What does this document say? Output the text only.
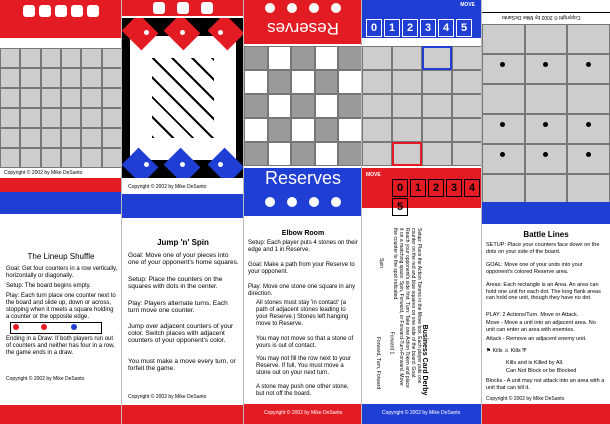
Copyright © 2002 by Mike DeSanto
The Lineup Shuffle
Goal: Get four counters in a row vertically, horizontally or diagonally.
Setup: The board begins empty.
Play: Each turn place one counter next to the board and slide up, down or across, stopping when it meets a square holding a counter or the opposite edge.
Ending in a Draw: If both players run out of counters and neither has four in a row, the game ends in a draw.
Copyright © 2002 by Mike DeSanto
Copyright © 2002 by Mike DeSanto
Jump 'n' Spin
Goal: Move one of your pieces into one of your opponent's home squares.
Setup: Place the counters on the squares with dots in the center.
Play: Players alternate turns. Each turn move one counter.
Jump over adjacent counters of your color. Switch places with adjacent counters of your opponent's color.
You must make a move every turn, or forfeit the game.
Copyright © 2002 by Mike DeSanto
Reserves
Reserves
Elbow Room
Setup: Each player puts 4 stones on their edge and 1 in Reserve.
Goal: Make a path from your Reserve to your opponent.
Play: Move one stone one square in any direction.
All stones must stay 'in contact' (a path of adjacent stones leading to your Reserve.) Stones left hanging move to Reserve.
You may not move so that a stone of yours is out of contact.
You may not fill the row next to your Reserve. If full, You must move a stone out on your next turn.
A stone may push one other stone, but not off the board.
Copyright © 2002 by Mike DeSanto
0 1 2 3 4 5
MOVE
MOVE
0 1 2 3 45
Business Card Derby
Setup: Place the Action Tokens in the Move box. Each player puts one counter on the red and blue squares on one side of the board. Goal: Reach your opponent's side first. Turn: Take one Action Token and place it on a matching space. Spin, Forward, or Forward-Turn-Forward. Move the counter to the spot indicated.
Spin
Forward 1
Forward, Turn, Forward
Copyright © 2002 by Mike DeSanto
Copyright © 2002 by Mike DeSanto
Battle Lines
SETUP: Place your counters face down on the dots on your side of the board.
GOAL: Move one of your units into your opponent's colored Reserve area.
Areas: Each rectangle is an Area. An area can hold one unit for each dot. The long flank areas can hold one unit, though they have no dot.
PLAY: 2 Actions/Turn. Move or Attack.
Move - Move a unit into an adjacent area. No unit can enter an area with enemies.
Attack - Remove an adjacent enemy unit.
⚑ Kills ⚔ Kills ⛨
Kills and is Killed by All.
Can Not Block or be Blocked
Blocks - A unit may not attack into an area with a unit that can kill it.
Copyright © 2002 by Mike DeSanto
